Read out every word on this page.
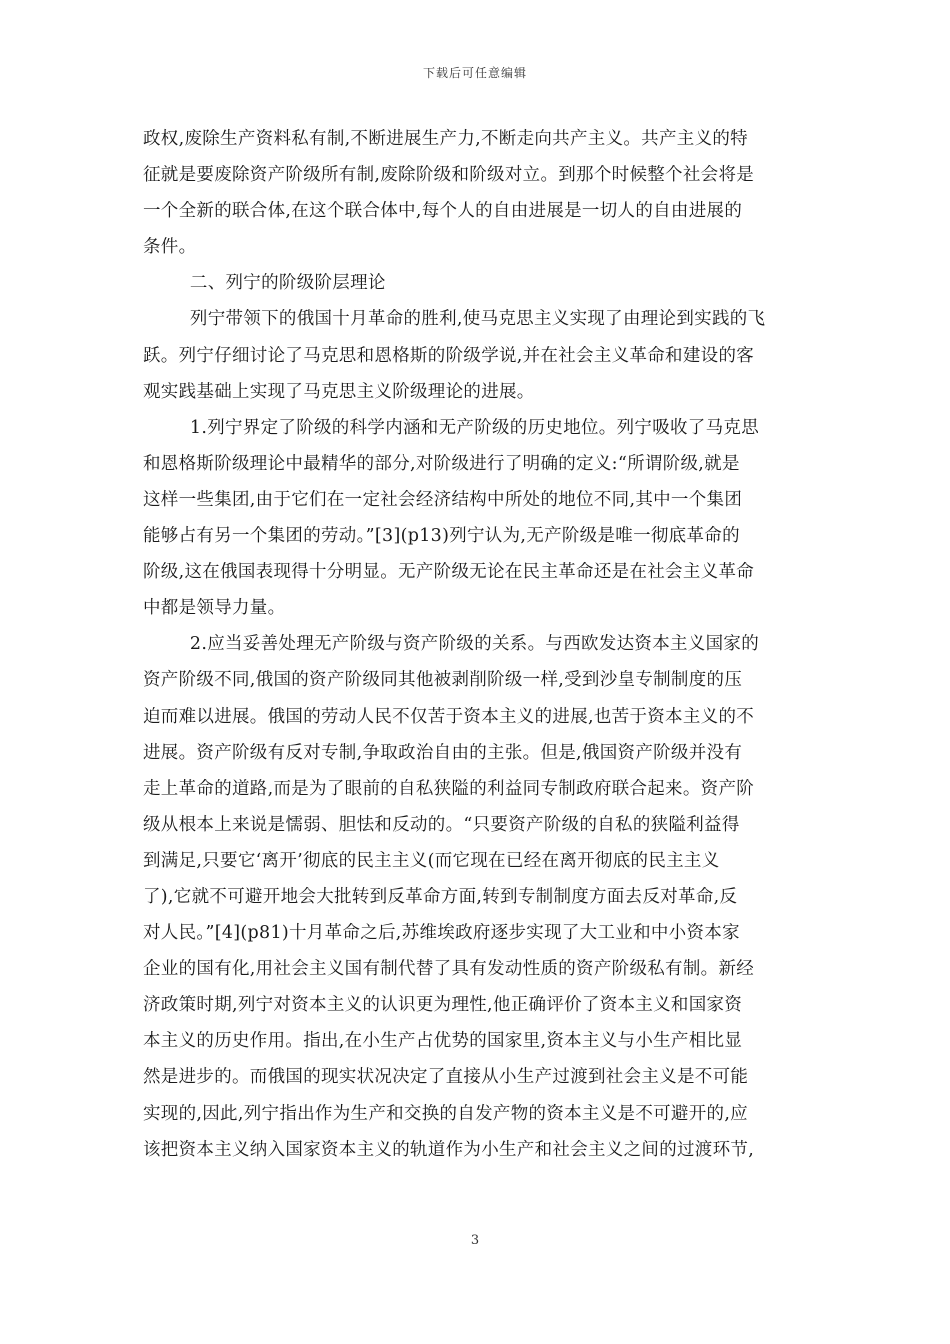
下载后可任意编辑
政权,废除生产资料私有制,不断进展生产力,不断走向共产主义。共产主义的特
征就是要废除资产阶级所有制,废除阶级和阶级对立。到那个时候整个社会将是
一个全新的联合体,在这个联合体中,每个人的自由进展是一切人的自由进展的
条件。
二、列宁的阶级阶层理论
列宁带领下的俄国十月革命的胜利,使马克思主义实现了由理论到实践的飞
跃。列宁仔细讨论了马克思和恩格斯的阶级学说,并在社会主义革命和建设的客
观实践基础上实现了马克思主义阶级理论的进展。
1.列宁界定了阶级的科学内涵和无产阶级的历史地位。列宁吸收了马克思
和恩格斯阶级理论中最精华的部分,对阶级进行了明确的定义:“所谓阶级,就是
这样一些集团,由于它们在一定社会经济结构中所处的地位不同,其中一个集团
能够占有另一个集团的劳动。”[3](p13)列宁认为,无产阶级是唯一彻底革命的
阶级,这在俄国表现得十分明显。无产阶级无论在民主革命还是在社会主义革命
中都是领导力量。
2.应当妥善处理无产阶级与资产阶级的关系。与西欧发达资本主义国家的
资产阶级不同,俄国的资产阶级同其他被剥削阶级一样,受到沙皇专制制度的压
迫而难以进展。俄国的劳动人民不仅苦于资本主义的进展,也苦于资本主义的不
进展。资产阶级有反对专制,争取政治自由的主张。但是,俄国资产阶级并没有
走上革命的道路,而是为了眼前的自私狭隘的利益同专制政府联合起来。资产阶
级从根本上来说是懦弱、胆怯和反动的。“只要资产阶级的自私的狭隘利益得
到满足,只要它‘离开’彻底的民主主义(而它现在已经在离开彻底的民主主义
了),它就不可避开地会大批转到反革命方面,转到专制制度方面去反对革命,反
对人民。”[4](p81)十月革命之后,苏维埃政府逐步实现了大工业和中小资本家
企业的国有化,用社会主义国有制代替了具有发动性质的资产阶级私有制。新经
济政策时期,列宁对资本主义的认识更为理性,他正确评价了资本主义和国家资
本主义的历史作用。指出,在小生产占优势的国家里,资本主义与小生产相比显
然是进步的。而俄国的现实状况决定了直接从小生产过渡到社会主义是不可能
实现的,因此,列宁指出作为生产和交换的自发产物的资本主义是不可避开的,应
该把资本主义纳入国家资本主义的轨道作为小生产和社会主义之间的过渡环节,
3
